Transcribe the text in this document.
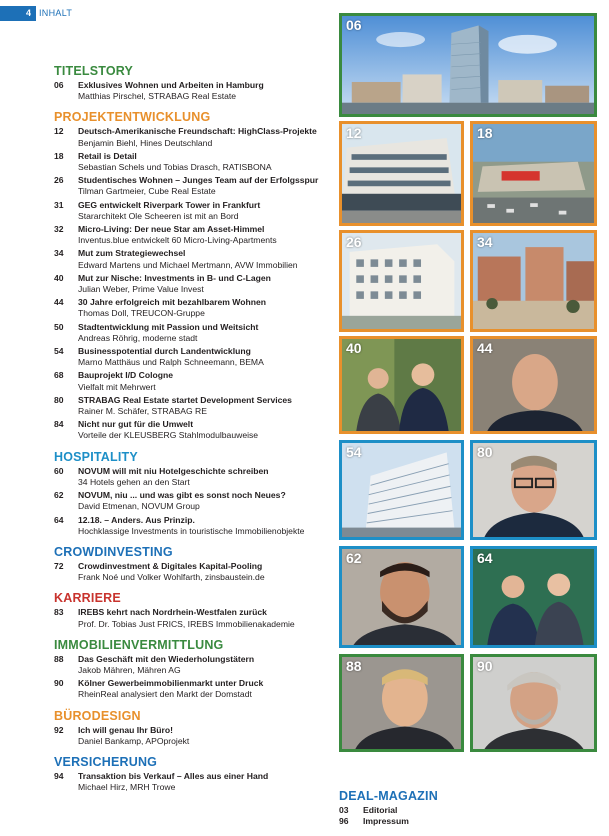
4 INHALT
TITELSTORY
06	Exklusives Wohnen und Arbeiten in Hamburg
Matthias Pirschel, STRABAG Real Estate
PROJEKTENTWICKLUNG
12	Deutsch-Amerikanische Freundschaft: HighClass-Projekte
Benjamin Biehl, Hines Deutschland
18	Retail is Detail
Sebastian Schels und Tobias Drasch, RATISBONA
26	Studentisches Wohnen – Junges Team auf der Erfolgsspur
Tilman Gartmeier, Cube Real Estate
31	GEG entwickelt Riverpark Tower in Frankfurt
Stararchitekt Ole Scheeren ist mit an Bord
32	Micro-Living: Der neue Star am Asset-Himmel
Inventus.blue entwickelt 60 Micro-Living-Apartments
34	Mut zum Strategiewechsel
Edward Martens und Michael Mertmann, AVW Immobilien
40	Mut zur Nische: Investments in B- und C-Lagen
Julian Weber, Prime Value Invest
44	30 Jahre erfolgreich mit bezahlbarem Wohnen
Thomas Doll, TREUCON-Gruppe
50	Stadtentwicklung mit Passion und Weitsicht
Andreas Röhrig, moderne stadt
54	Businesspotential durch Landentwicklung
Marno Matthäus und Ralph Schneemann, BEMA
68	Bauprojekt I/D Cologne
Vielfalt mit Mehrwert
80	STRABAG Real Estate startet Development Services
Rainer M. Schäfer, STRABAG RE
84	Nicht nur gut für die Umwelt
Vorteile der KLEUSBERG Stahlmodulbauweise
HOSPITALITY
60	NOVUM will mit niu Hotelgeschichte schreiben
34 Hotels gehen an den Start
62	NOVUM, niu ... und was gibt es sonst noch Neues?
David Etmenan, NOVUM Group
64	12.18. – Anders. Aus Prinzip.
Hochklassige Investments in touristische Immobilienobjekte
CROWDINVESTING
72	Crowdinvestment & Digitales Kapital-Pooling
Frank Noé und Volker Wohlfarth, zinsbaustein.de
KARRIERE
83	IREBS kehrt nach Nordrhein-Westfalen zurück
Prof. Dr. Tobias Just FRICS, IREBS Immobilienakademie
IMMOBILIENVERMITTLUNG
88	Das Geschäft mit den Wiederholungstätern
Jakob Mähren, Mähren AG
90	Kölner Gewerbeimmobilienmarkt unter Druck
RheinReal analysiert den Markt der Domstadt
BÜRODESIGN
92	Ich will genau Ihr Büro!
Daniel Bankamp, APOprojekt
VERSICHERUNG
94	Transaktion bis Verkauf – Alles aus einer Hand
Michael Hirz, MRH Trowe
DEAL-MAGAZIN
03	Editorial
96	Impressum
06
12	18
26	34
40	44
54	80
62	64
88	90
